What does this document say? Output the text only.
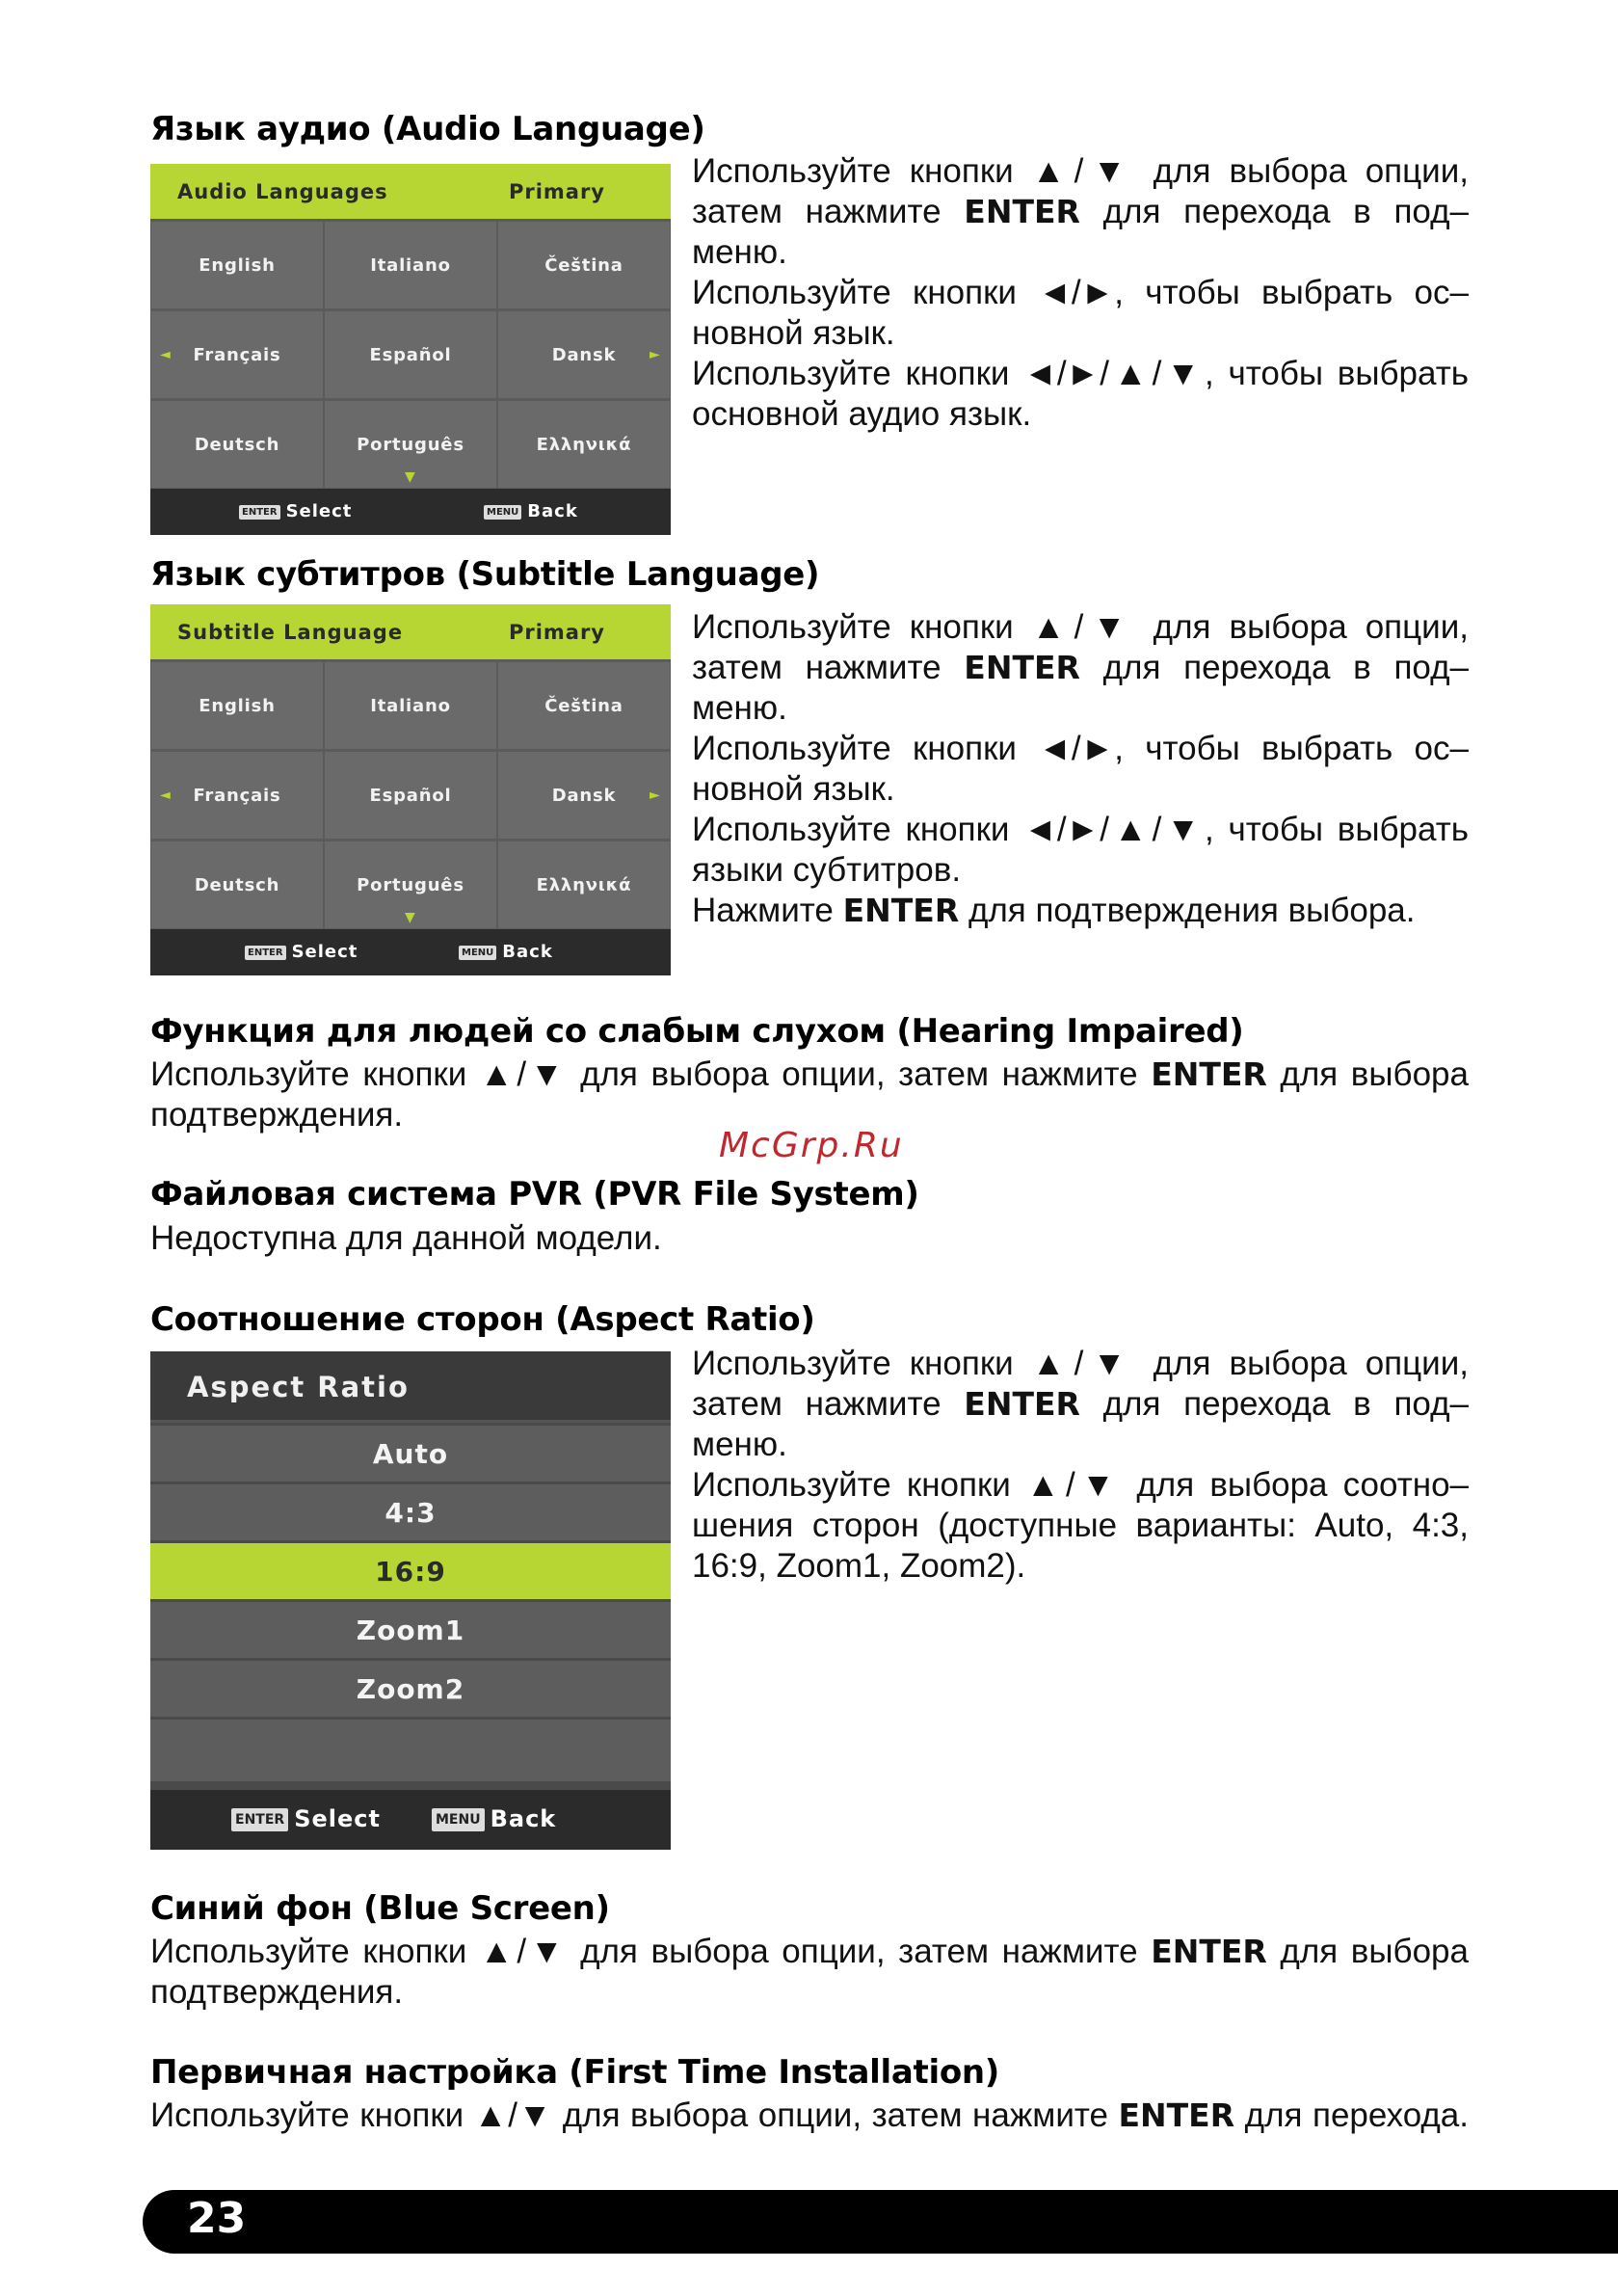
Язык аудио (Audio Language)
Audio Languages	Primary
English	Italiano	Čeština
Français	Español	Dansk
Deutsch	Português	Ελληνικά
◄	►
▼
ENTER Select	MENU Back
Используйте кнопки ▲/▼ для выбора опции,
затем нажмите ENTER для перехода в под–
меню.
Используйте кнопки ◄/►, чтобы выбрать ос–
новной язык.
Используйте кнопки ◄/►/▲/▼, чтобы выбрать
основной аудио язык.
Язык субтитров (Subtitle Language)
Subtitle Language	Primary
English	Italiano	Čeština
Français	Español	Dansk
Deutsch	Português	Ελληνικά
◄	►
▼
ENTER Select	MENU Back
Используйте кнопки ▲/▼ для выбора опции,
затем нажмите ENTER для перехода в под–
меню.
Используйте кнопки ◄/►, чтобы выбрать ос–
новной язык.
Используйте кнопки ◄/►/▲/▼, чтобы выбрать
языки субтитров.
Нажмите ENTER для подтверждения выбора.
Функция для людей со слабым слухом (Hearing Impaired)
Используйте кнопки ▲/▼ для выбора опции, затем нажмите ENTER для выбора
подтверждения.
McGrp.Ru
Файловая система PVR (PVR File System)
Недоступна для данной модели.
Соотношение сторон (Aspect Ratio)
Aspect Ratio
Auto
4:3
16:9
Zoom1
Zoom2
ENTER Select	MENU Back
Используйте кнопки ▲/▼ для выбора опции,
затем нажмите ENTER для перехода в под–
меню.
Используйте кнопки ▲/▼ для выбора соотно–
шения сторон (доступные варианты: Auto, 4:3,
16:9, Zoom1, Zoom2).
Синий фон (Blue Screen)
Используйте кнопки ▲/▼ для выбора опции, затем нажмите ENTER для выбора
подтверждения.
Первичная настройка (First Time Installation)
Используйте кнопки ▲/▼ для выбора опции, затем нажмите ENTER для перехода.
23
